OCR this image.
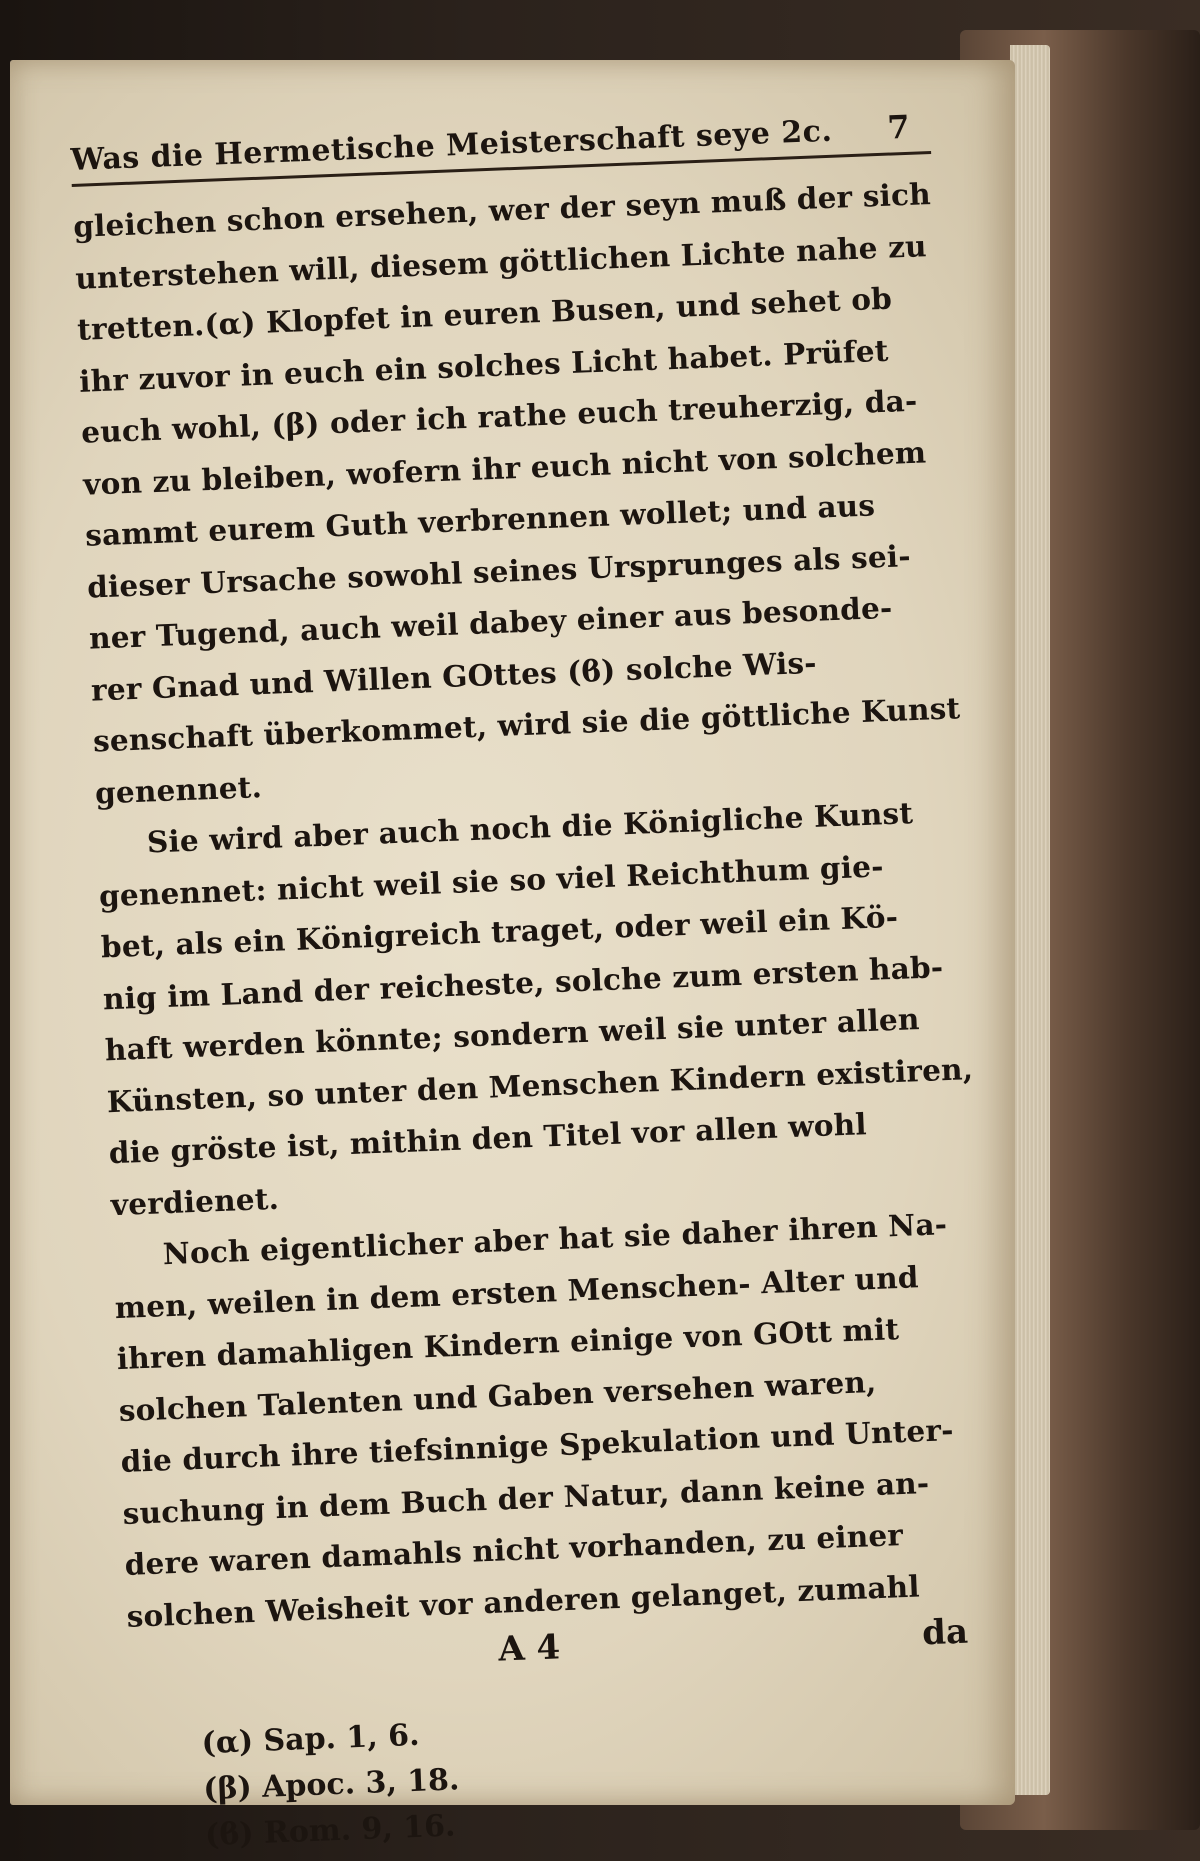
Was die Hermetische Meisterschaft seye 2c. 7
gleichen schon ersehen, wer der seyn muß der sich
unterstehen will, diesem göttlichen Lichte nahe zu
tretten.(α) Klopfet in euren Busen, und sehet ob
ihr zuvor in euch ein solches Licht habet. Prüfet
euch wohl, (β) oder ich rathe euch treuherzig, da-
von zu bleiben, wofern ihr euch nicht von solchem
sammt eurem Guth verbrennen wollet; und aus
dieser Ursache sowohl seines Ursprunges als sei-
ner Tugend, auch weil dabey einer aus besonde-
rer Gnad und Willen GOttes (ϐ) solche Wis-
senschaft überkommet, wird sie die göttliche Kunst
genennet.
Sie wird aber auch noch die Königliche Kunst
genennet: nicht weil sie so viel Reichthum gie-
bet, als ein Königreich traget, oder weil ein Kö-
nig im Land der reicheste, solche zum ersten hab-
haft werden könnte; sondern weil sie unter allen
Künsten, so unter den Menschen Kindern existiren,
die gröste ist, mithin den Titel vor allen wohl
verdienet.
Noch eigentlicher aber hat sie daher ihren Na-
men, weilen in dem ersten Menschen- Alter und
ihren damahligen Kindern einige von GOtt mit
solchen Talenten und Gaben versehen waren,
die durch ihre tiefsinnige Spekulation und Unter-
suchung in dem Buch der Natur, dann keine an-
dere waren damahls nicht vorhanden, zu einer
solchen Weisheit vor anderen gelanget, zumahl
A 4	da
(α) Sap. 1, 6.
(β) Apoc. 3, 18.
(ϐ) Rom. 9, 16.
